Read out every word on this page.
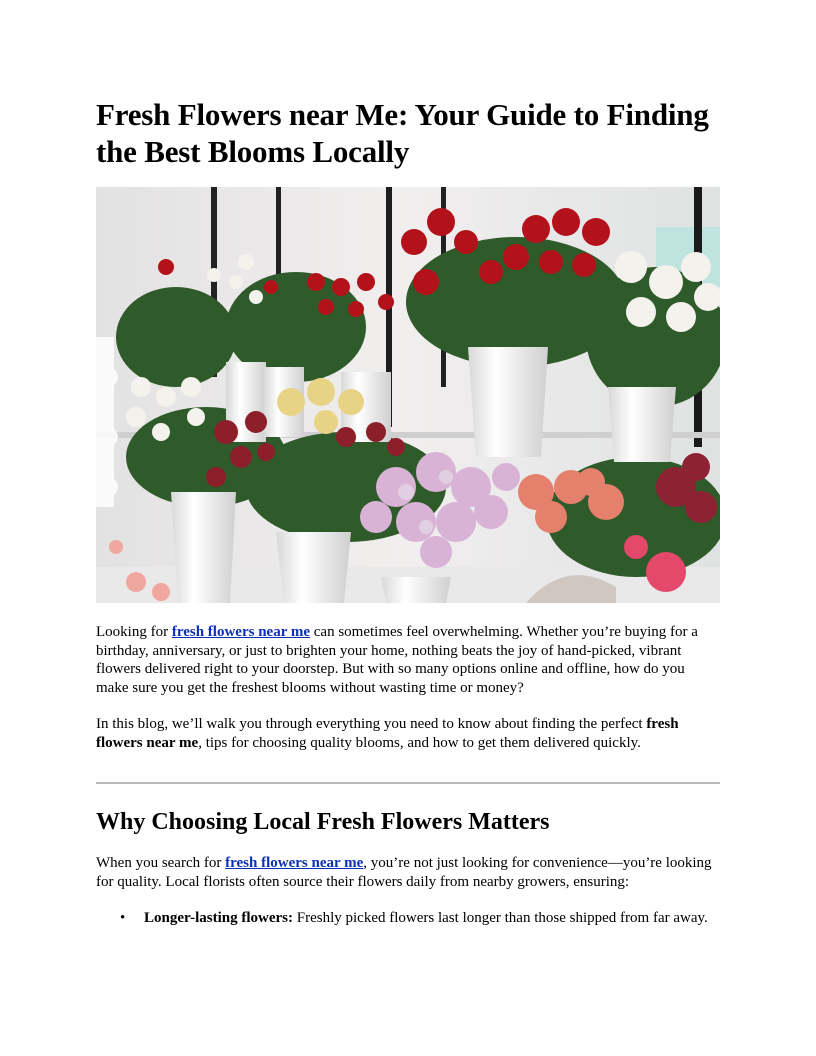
Fresh Flowers near Me: Your Guide to Finding the Best Blooms Locally

Looking for fresh flowers near me can sometimes feel overwhelming. Whether you’re buying for a birthday, anniversary, or just to brighten your home, nothing beats the joy of hand-picked, vibrant flowers delivered right to your doorstep. But with so many options online and offline, how do you make sure you get the freshest blooms without wasting time or money?

In this blog, we’ll walk you through everything you need to know about finding the perfect fresh flowers near me, tips for choosing quality blooms, and how to get them delivered quickly.

Why Choosing Local Fresh Flowers Matters

When you search for fresh flowers near me, you’re not just looking for convenience—you’re looking for quality. Local florists often source their flowers daily from nearby growers, ensuring:

• Longer-lasting flowers: Freshly picked flowers last longer than those shipped from far away.
